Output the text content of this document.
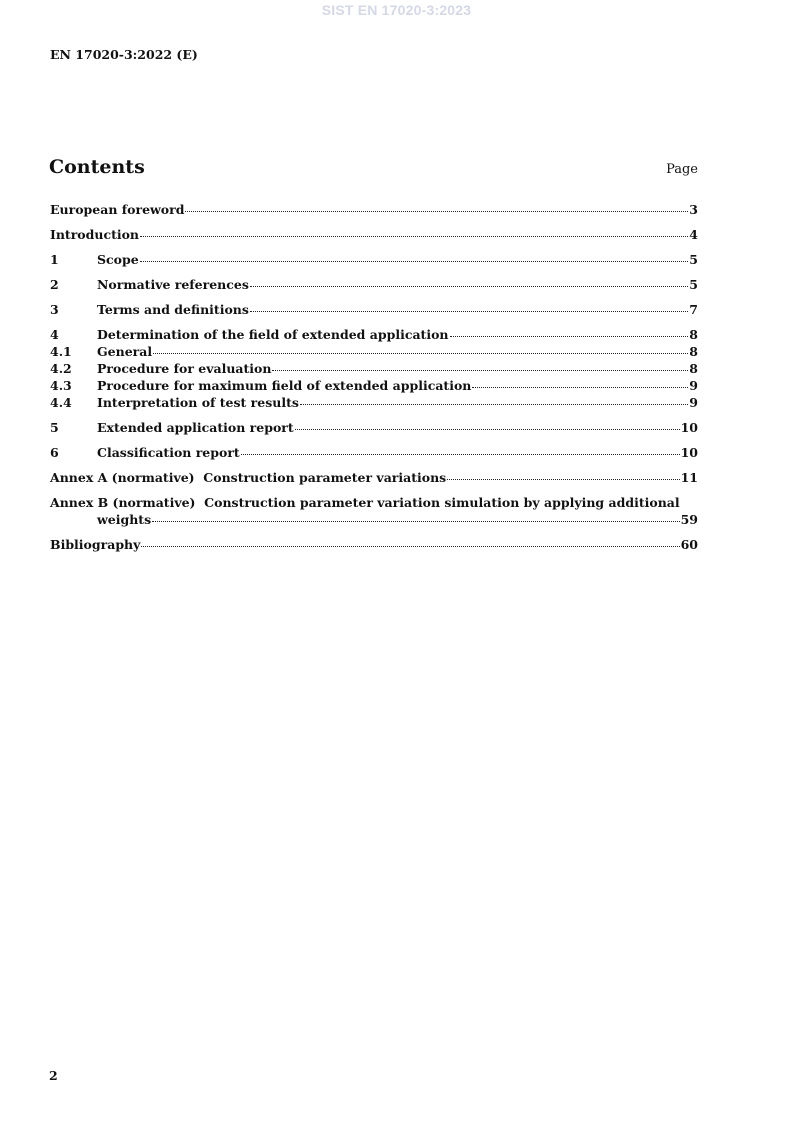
SIST EN 17020-3:2023
EN 17020-3:2022 (E)
Contents	Page
European foreword	3
Introduction	4
1	Scope	5
2	Normative references	5
3	Terms and definitions	7
4	Determination of the field of extended application	8
4.1	General	8
4.2	Procedure for evaluation	8
4.3	Procedure for maximum field of extended application	9
4.4	Interpretation of test results	9
5	Extended application report	10
6	Classification report	10
Annex A (normative)  Construction parameter variations	11
Annex B (normative)  Construction parameter variation simulation by applying additional
weights	59
Bibliography	60
2
